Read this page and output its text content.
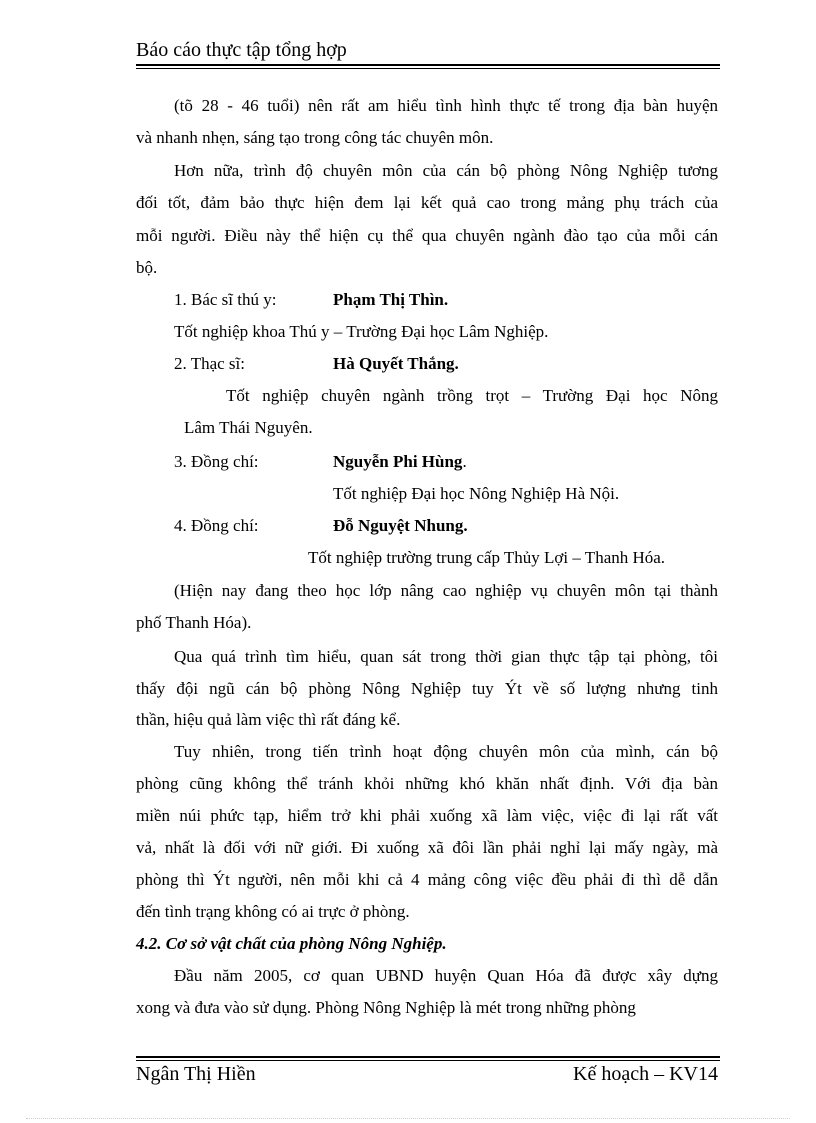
Báo cáo thực tập tổng hợp
(tõ 28 - 46 tuổi) nên rất am hiểu tình hình thực tế trong địa bàn huyện
và nhanh nhẹn, sáng tạo trong công tác chuyên môn.
Hơn nữa, trình độ chuyên môn của cán bộ phòng Nông Nghiệp tương
đối tốt, đảm bảo thực hiện đem lại kết quả cao trong mảng phụ trách của
mỗi người. Điều này thể hiện cụ thể qua chuyên ngành đào tạo của mỗi cán
bộ.
1. Bác sĩ thú y:	Phạm Thị Thìn.
Tốt nghiệp khoa Thú y – Trường Đại học Lâm Nghiệp.
2. Thạc sĩ:	Hà Quyết Thắng.
Tốt nghiệp chuyên ngành trồng trọt – Trường Đại học Nông
Lâm Thái Nguyên.
3. Đồng chí:	Nguyễn Phi Hùng.
Tốt nghiệp Đại học Nông Nghiệp Hà Nội.
4. Đồng chí:	Đỗ Nguyệt Nhung.
Tốt nghiệp trường trung cấp Thủy Lợi – Thanh Hóa.
(Hiện nay đang theo học lớp nâng cao nghiệp vụ chuyên môn tại thành
phố Thanh Hóa).
Qua quá trình tìm hiểu, quan sát trong thời gian thực tập tại phòng, tôi
thấy đội ngũ cán bộ phòng Nông Nghiệp tuy Ýt về số lượng nhưng tinh
thần, hiệu quả làm việc thì rất đáng kể.
Tuy nhiên, trong tiến trình hoạt động chuyên môn của mình, cán bộ
phòng cũng không thể tránh khỏi những khó khăn nhất định. Với địa bàn
miền núi phức tạp, hiểm trở khi phải xuống xã làm việc, việc đi lại rất vất
vả, nhất là đối với nữ giới. Đi xuống xã đôi lần phải nghỉ lại mấy ngày, mà
phòng thì Ýt người, nên mỗi khi cả 4 mảng công việc đều phải đi thì dễ dẫn
đến tình trạng không có ai trực ở phòng.
4.2. Cơ sở vật chất của phòng Nông Nghiệp.
Đầu năm 2005, cơ quan UBND huyện Quan Hóa đã được xây dựng
xong và đưa vào sử dụng. Phòng Nông Nghiệp là mét trong những phòng
Ngân Thị Hiền	Kế hoạch – KV14
